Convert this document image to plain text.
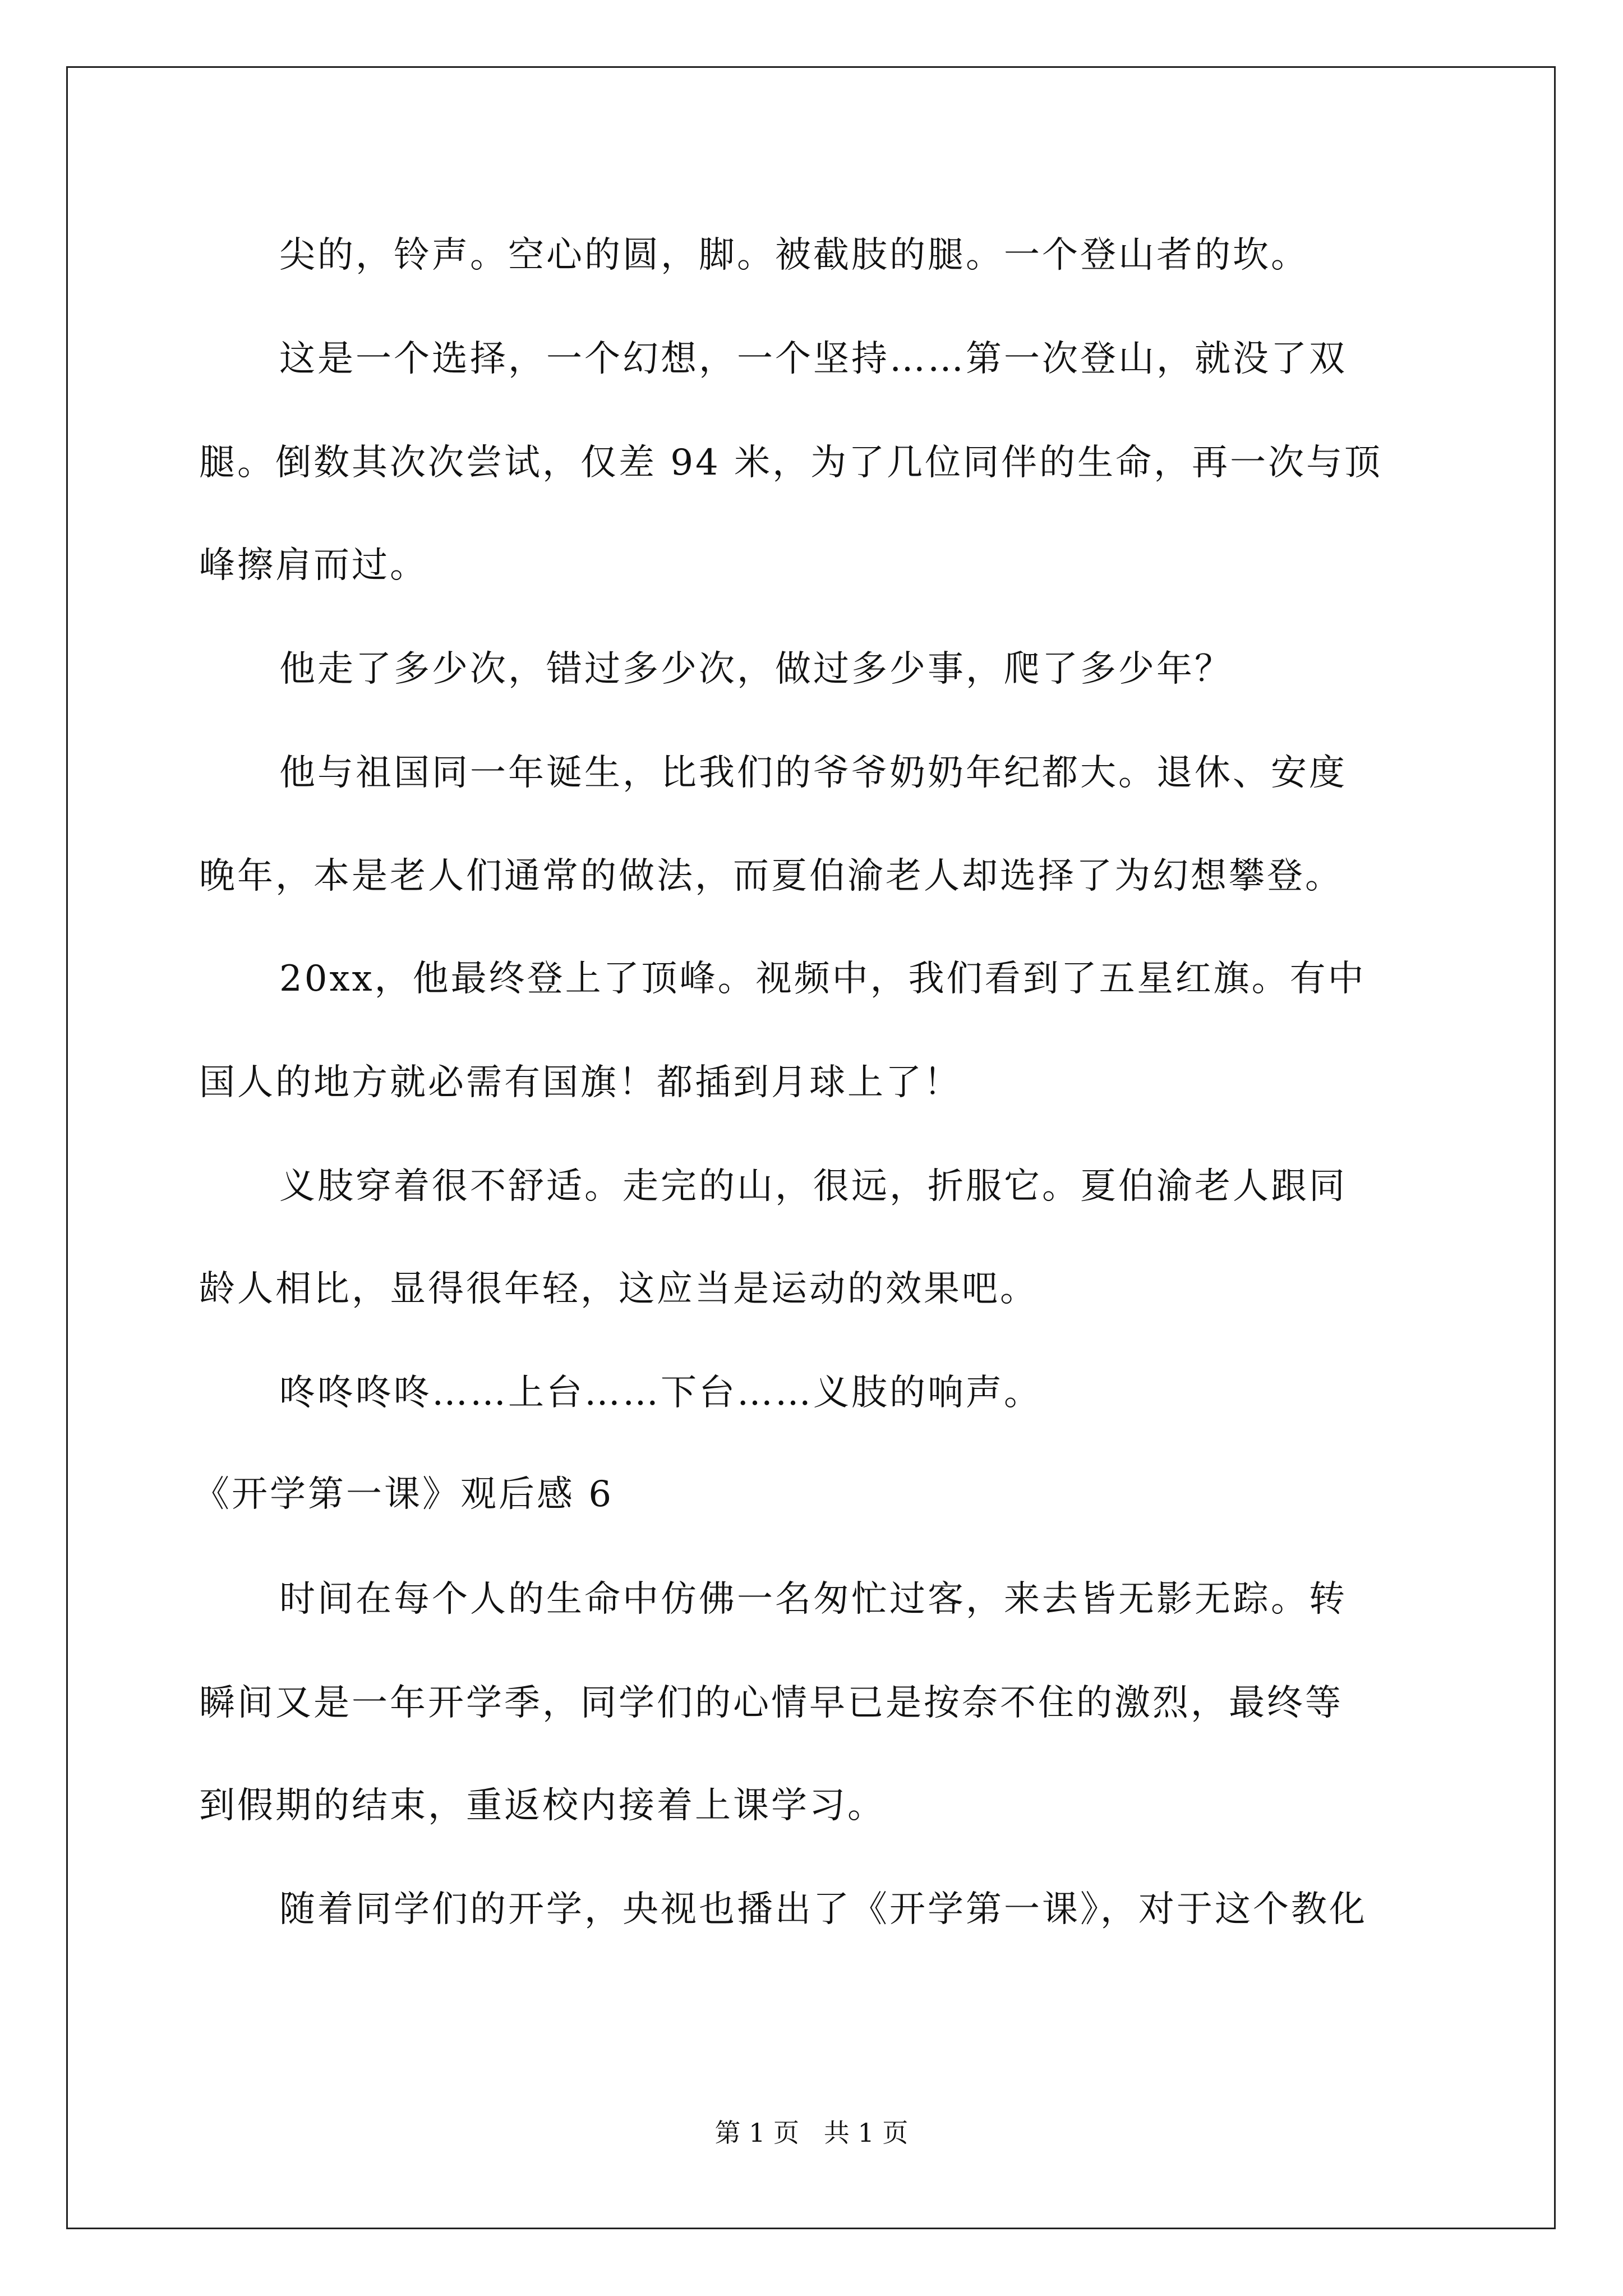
尖的，铃声。空心的圆，脚。被截肢的腿。一个登山者的坎。

这是一个选择，一个幻想，一个坚持……第一次登山，就没了双

腿。倒数其次次尝试，仅差 94 米，为了几位同伴的生命，再一次与顶

峰擦肩而过。

他走了多少次，错过多少次，做过多少事，爬了多少年？

他与祖国同一年诞生，比我们的爷爷奶奶年纪都大。退休、安度

晚年，本是老人们通常的做法，而夏伯渝老人却选择了为幻想攀登。

20xx，他最终登上了顶峰。视频中，我们看到了五星红旗。有中

国人的地方就必需有国旗！都插到月球上了！

义肢穿着很不舒适。走完的山，很远，折服它。夏伯渝老人跟同

龄人相比，显得很年轻，这应当是运动的效果吧。

咚咚咚咚……上台……下台……义肢的响声。

《开学第一课》观后感 6

时间在每个人的生命中仿佛一名匆忙过客，来去皆无影无踪。转

瞬间又是一年开学季，同学们的心情早已是按奈不住的激烈，最终等

到假期的结束，重返校内接着上课学习。

随着同学们的开学，央视也播出了《开学第一课》，对于这个教化

第 1 页   共 1 页
